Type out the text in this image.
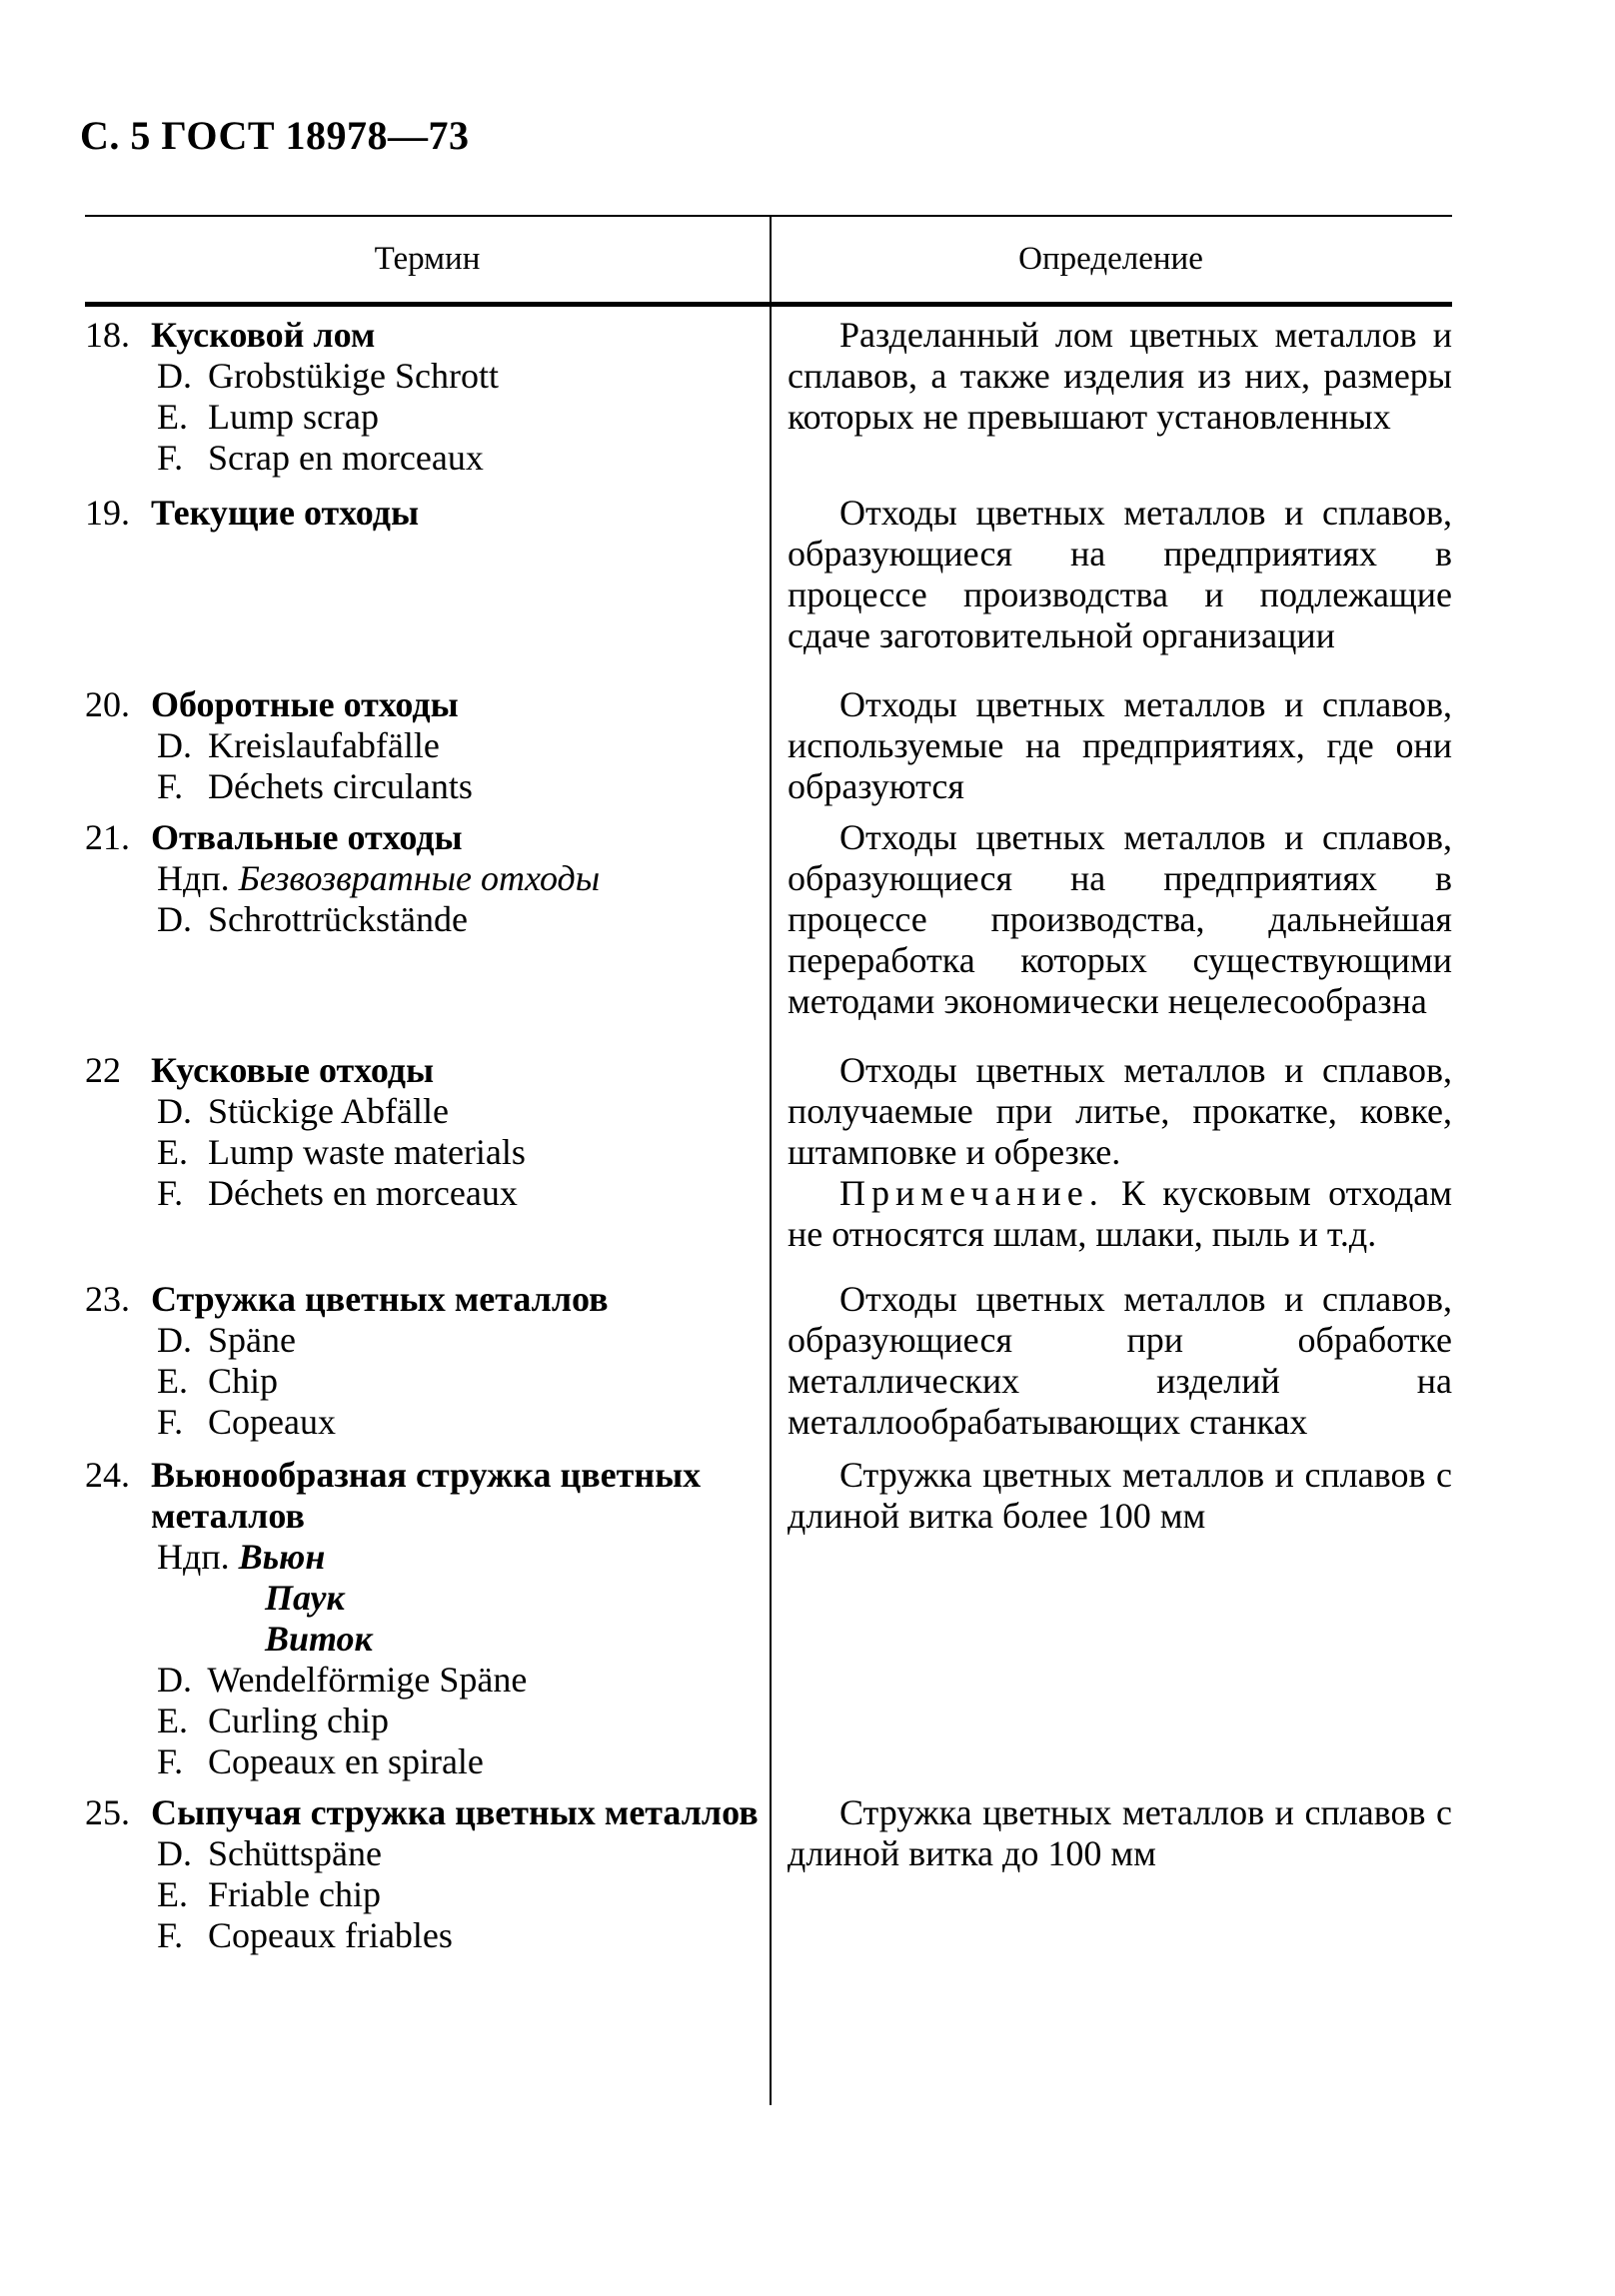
С. 5 ГОСТ 18978—73
Термин	Определение
18. Кусковой лом
D. Grobstükige Schrott
E. Lump scrap
F. Scrap en morceaux
Разделанный лом цветных металлов и сплавов, а также изделия из них, размеры которых не превышают установленных
19. Текущие отходы	Отходы цветных металлов и сплавов, образующиеся на предприятиях в процессе производства и подлежащие сдаче заготовительной организации
20. Оборотные отходы
D. Kreislaufabfälle
F. Déchets circulants
Отходы цветных металлов и сплавов, используемые на предприятиях, где они образуются
21. Отвальные отходы
Ндп. Безвозвратные отходы
D. Schrottrückstände
Отходы цветных металлов и сплавов, образующиеся на предприятиях в процессе производства, дальнейшая переработка которых существующими методами экономически нецелесообразна
22 Кусковые отходы
D. Stückige Abfälle
E. Lump waste materials
F. Déchets en morceaux
Отходы цветных металлов и сплавов, получаемые при литье, прокатке, ковке, штамповке и обрезке.
Примечание. К кусковым отходам не относятся шлам, шлаки, пыль и т.д.
23. Стружка цветных металлов
D. Späne
E. Chip
F. Copeaux
Отходы цветных металлов и сплавов, образующиеся при обработке металлических изделий на металлообрабатывающих станках
24. Вьюнообразная стружка цветных металлов
Ндп. Вьюн
Паук
Виток
D. Wendelförmige Späne
E. Curling chip
F. Copeaux en spirale
Стружка цветных металлов и сплавов с длиной витка более 100 мм
25. Сыпучая стружка цветных металлов
D. Schüttspäne
E. Friable chip
F. Copeaux friables
Стружка цветных металлов и сплавов с длиной витка до 100 мм
